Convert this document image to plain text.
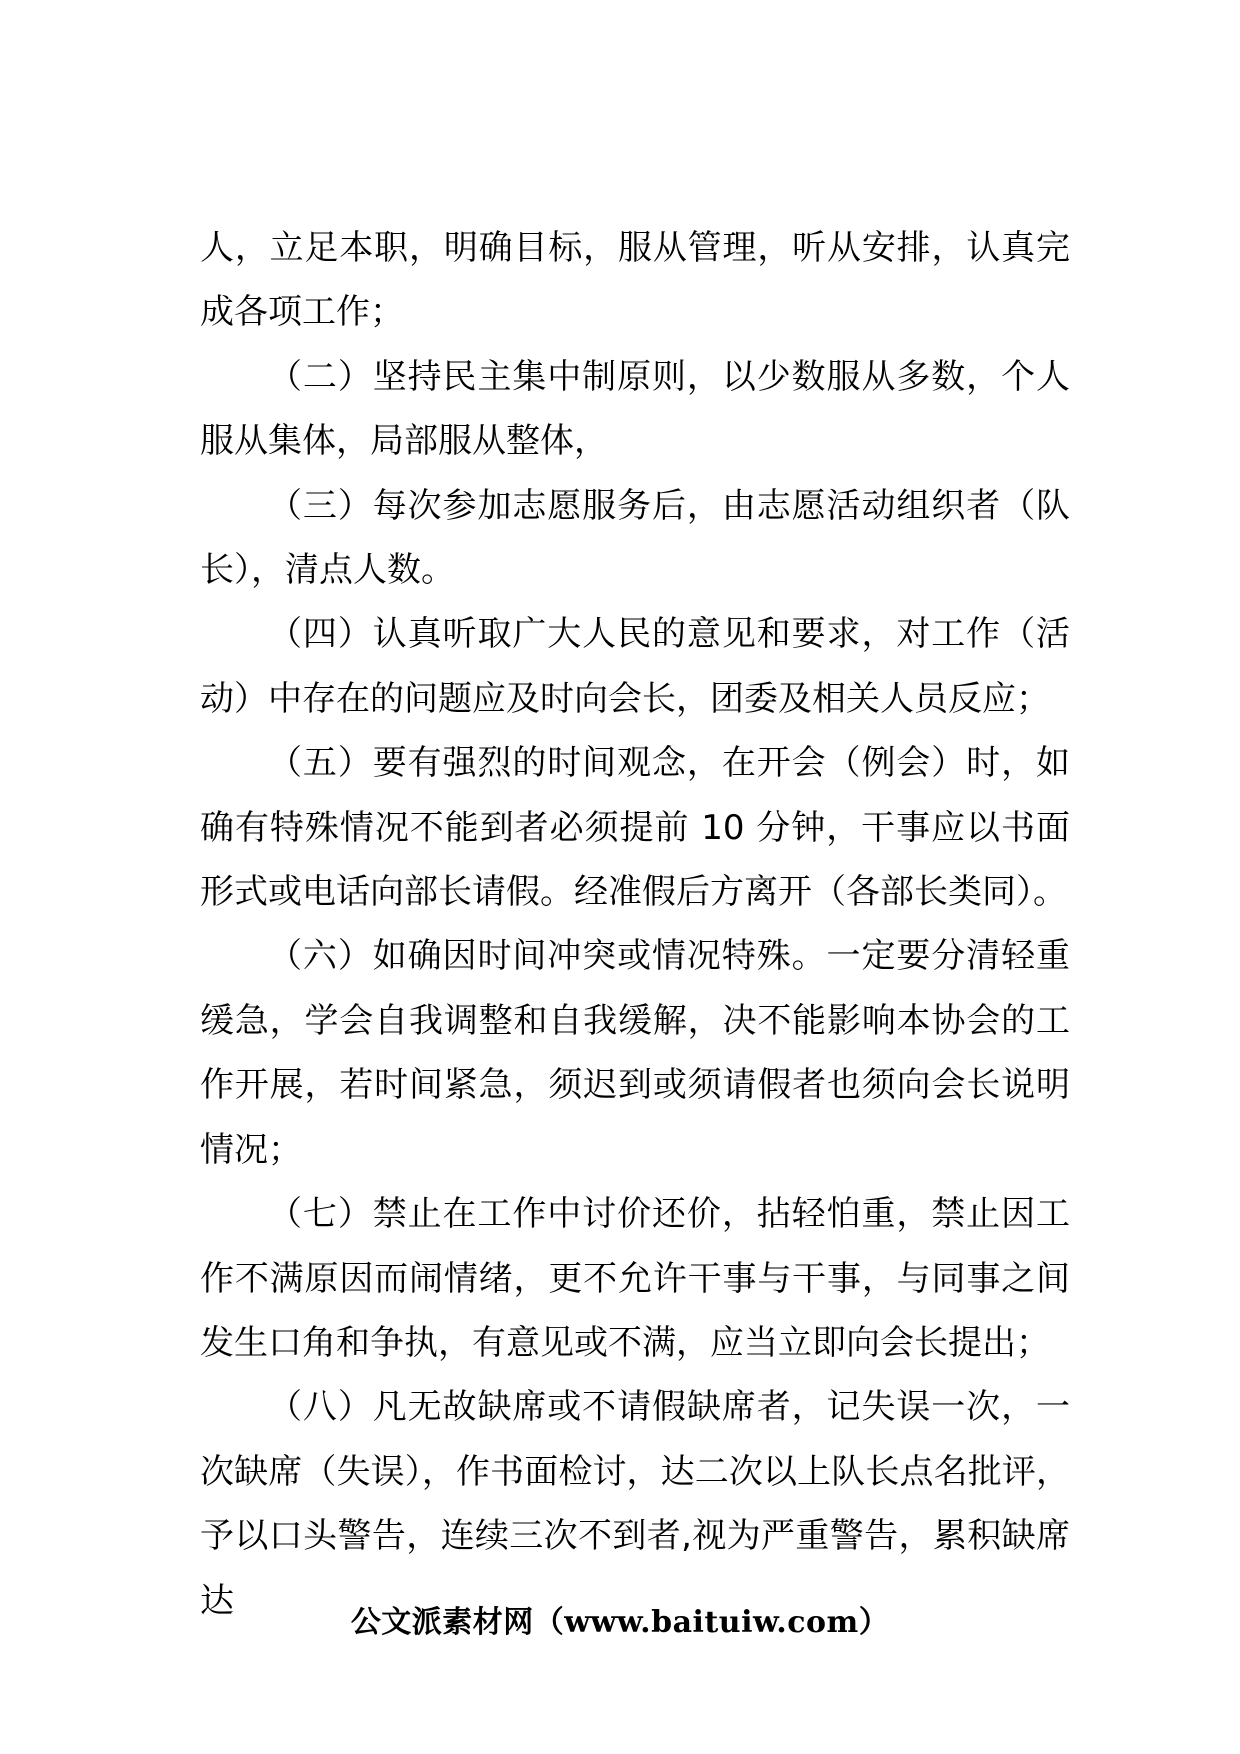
人，立足本职，明确目标，服从管理，听从安排，认真完成各项工作；

（二）坚持民主集中制原则，以少数服从多数，个人服从集体，局部服从整体，

（三）每次参加志愿服务后，由志愿活动组织者（队长），清点人数。

（四）认真听取广大人民的意见和要求，对工作（活动）中存在的问题应及时向会长，团委及相关人员反应；

（五）要有强烈的时间观念，在开会（例会）时，如确有特殊情况不能到者必须提前 10 分钟，干事应以书面形式或电话向部长请假。经准假后方离开（各部长类同）。

（六）如确因时间冲突或情况特殊。一定要分清轻重缓急，学会自我调整和自我缓解，决不能影响本协会的工作开展，若时间紧急，须迟到或须请假者也须向会长说明情况；

（七）禁止在工作中讨价还价，拈轻怕重，禁止因工作不满原因而闹情绪，更不允许干事与干事，与同事之间发生口角和争执，有意见或不满，应当立即向会长提出；

（八）凡无故缺席或不请假缺席者，记失误一次，一次缺席（失误），作书面检讨，达二次以上队长点名批评，予以口头警告，连续三次不到者,视为严重警告，累积缺席达

公文派素材网（www.baituiw.com）
